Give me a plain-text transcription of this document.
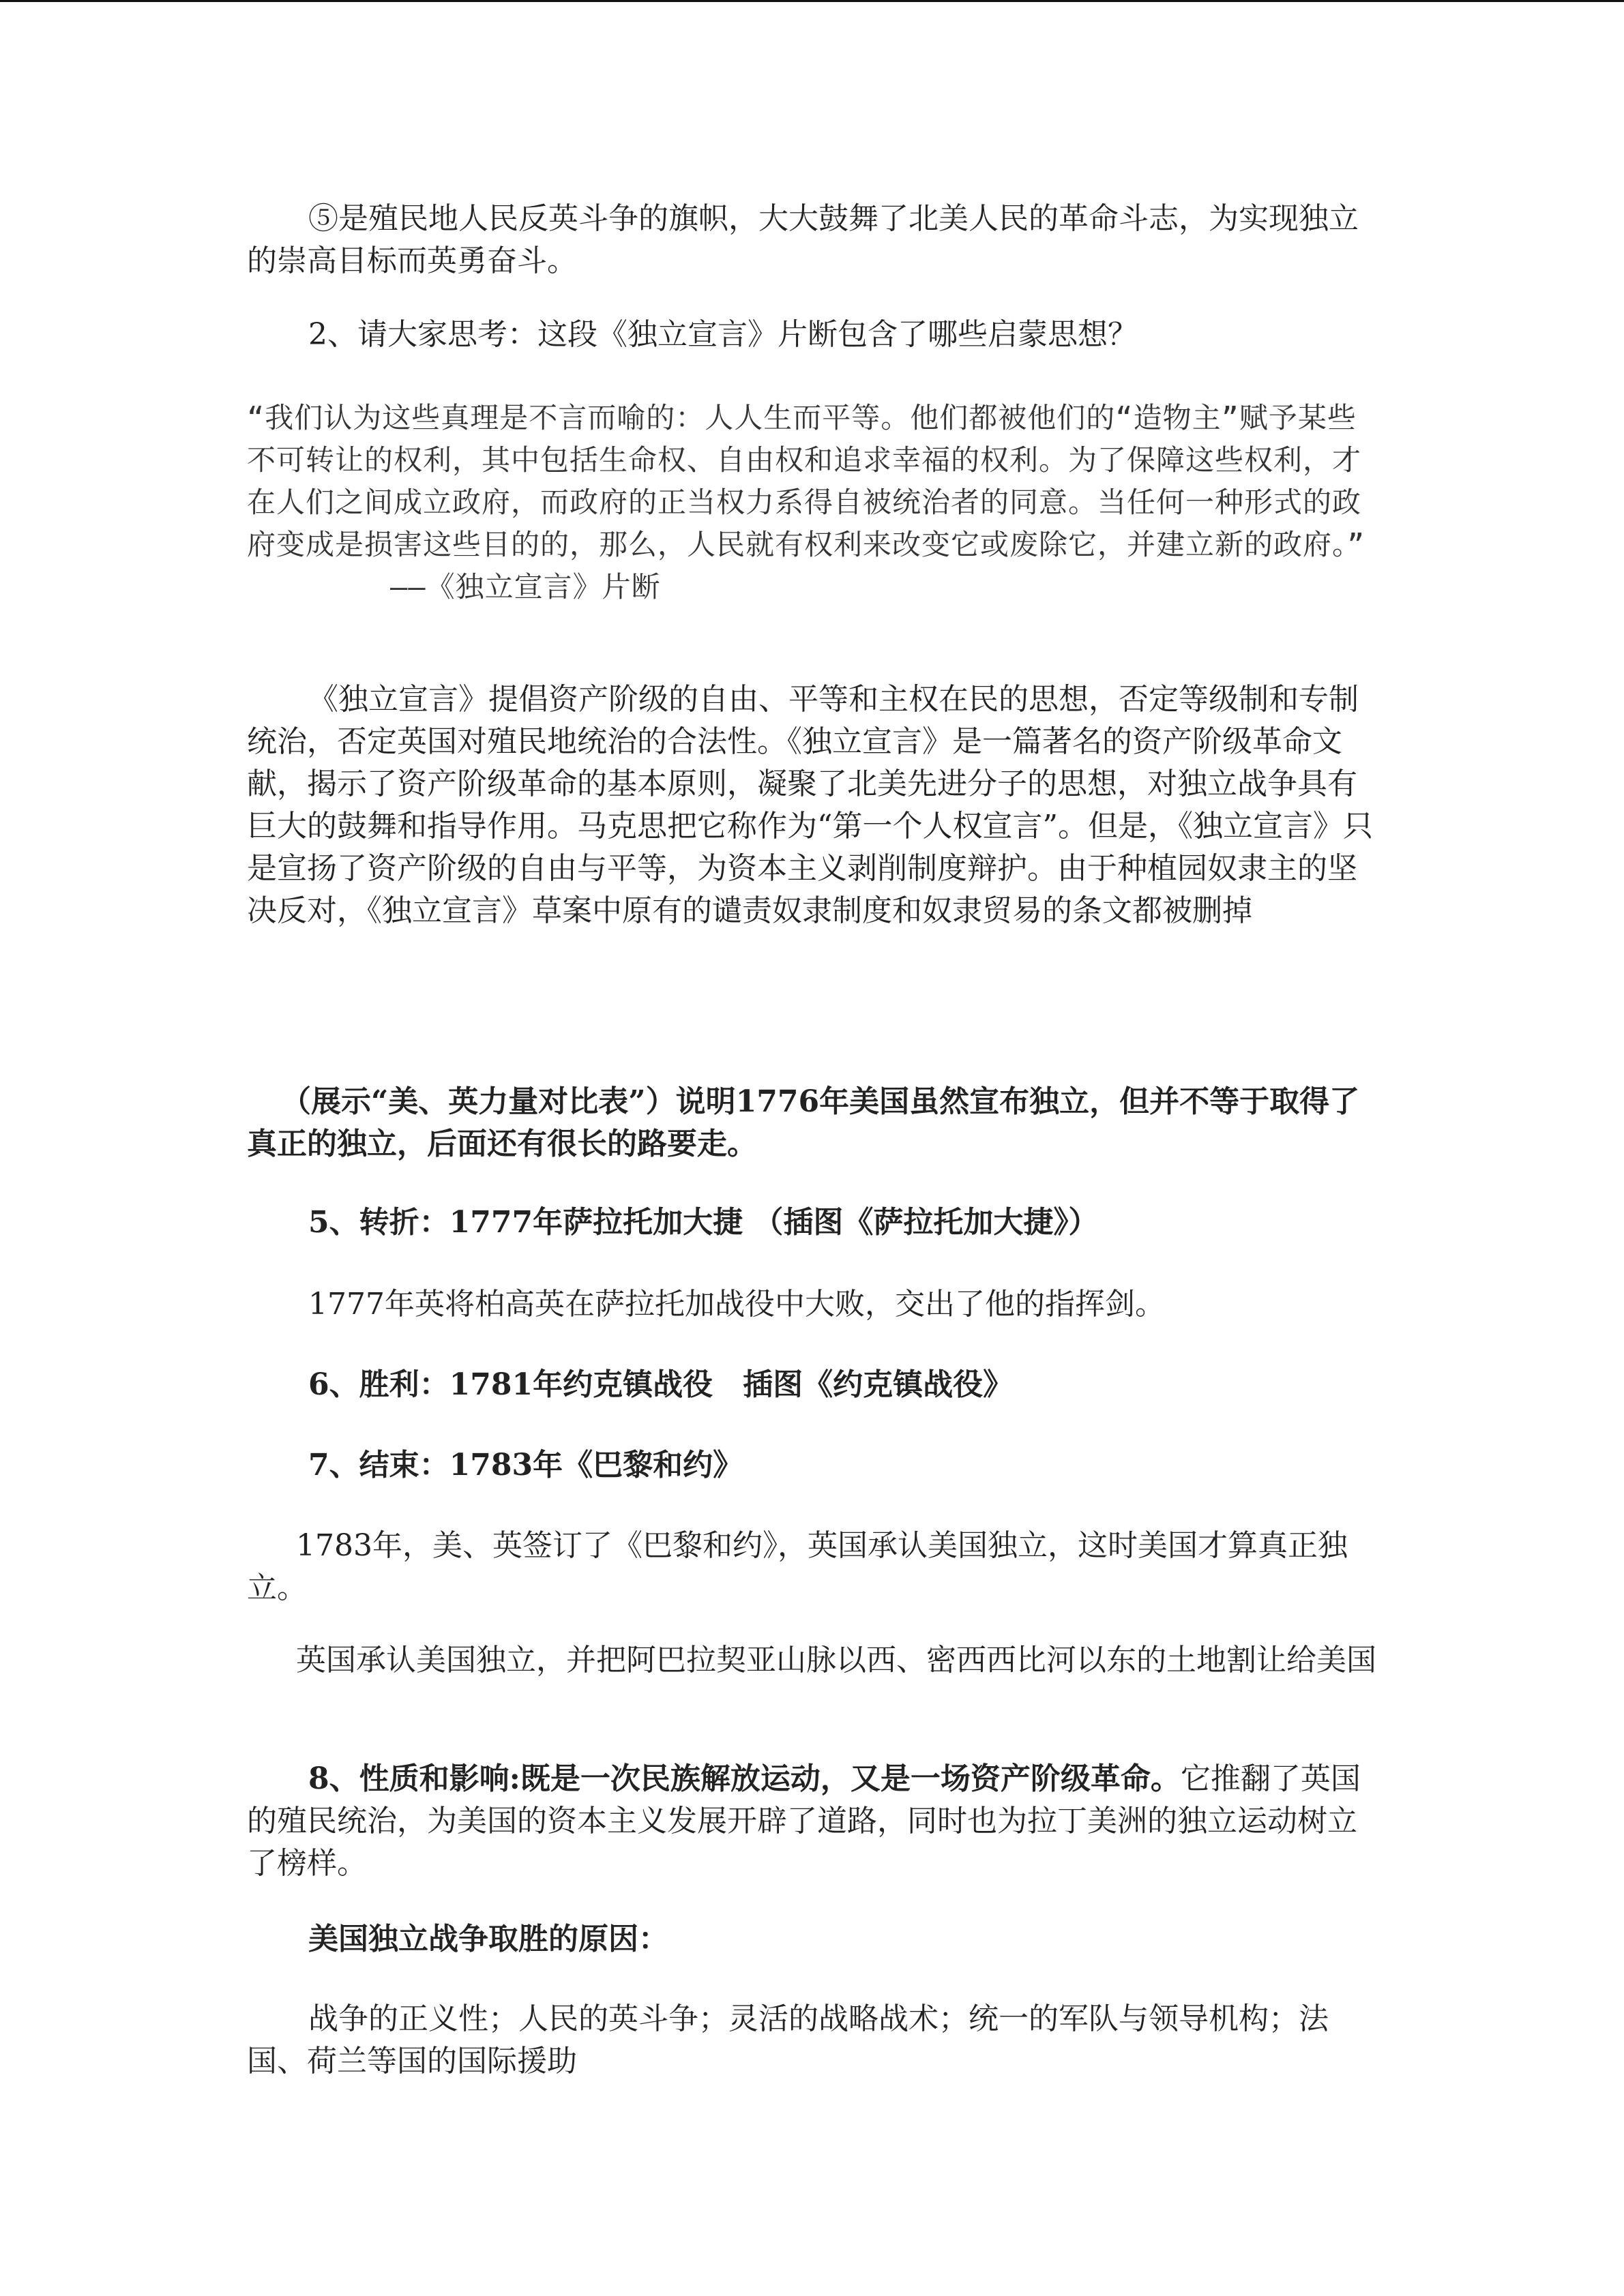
⑤是殖民地人民反英斗争的旗帜，大大鼓舞了北美人民的革命斗志，为实现独立的崇高目标而英勇奋斗。

2、请大家思考：这段《独立宣言》片断包含了哪些启蒙思想？

“我们认为这些真理是不言而喻的：人人生而平等。他们都被他们的“造物主”赋予某些不可转让的权利，其中包括生命权、自由权和追求幸福的权利。为了保障这些权利，才在人们之间成立政府，而政府的正当权力系得自被统治者的同意。当任何一种形式的政府变成是损害这些目的的，那么，人民就有权利来改变它或废除它，并建立新的政府。” ——《独立宣言》片断

《独立宣言》提倡资产阶级的自由、平等和主权在民的思想，否定等级制和专制统治，否定英国对殖民地统治的合法性。《独立宣言》是一篇著名的资产阶级革命文献，揭示了资产阶级革命的基本原则，凝聚了北美先进分子的思想，对独立战争具有巨大的鼓舞和指导作用。马克思把它称作为“第一个人权宣言”。但是，《独立宣言》只是宣扬了资产阶级的自由与平等，为资本主义剥削制度辩护。由于种植园奴隶主的坚决反对，《独立宣言》草案中原有的谴责奴隶制度和奴隶贸易的条文都被删掉

（展示“美、英力量对比表”）说明1776年美国虽然宣布独立，但并不等于取得了真正的独立，后面还有很长的路要走。

5、转折：1777年萨拉托加大捷 （插图《萨拉托加大捷》）

1777年英将柏高英在萨拉托加战役中大败，交出了他的指挥剑。

6、胜利：1781年约克镇战役　插图《约克镇战役》

7、结束：1783年《巴黎和约》

1783年，美、英签订了《巴黎和约》，英国承认美国独立，这时美国才算真正独立。

英国承认美国独立，并把阿巴拉契亚山脉以西、密西西比河以东的土地割让给美国

8、性质和影响:既是一次民族解放运动，又是一场资产阶级革命。它推翻了英国的殖民统治，为美国的资本主义发展开辟了道路，同时也为拉丁美洲的独立运动树立了榜样。

美国独立战争取胜的原因：

战争的正义性；人民的英斗争；灵活的战略战术；统一的军队与领导机构；法国、荷兰等国的国际援助
